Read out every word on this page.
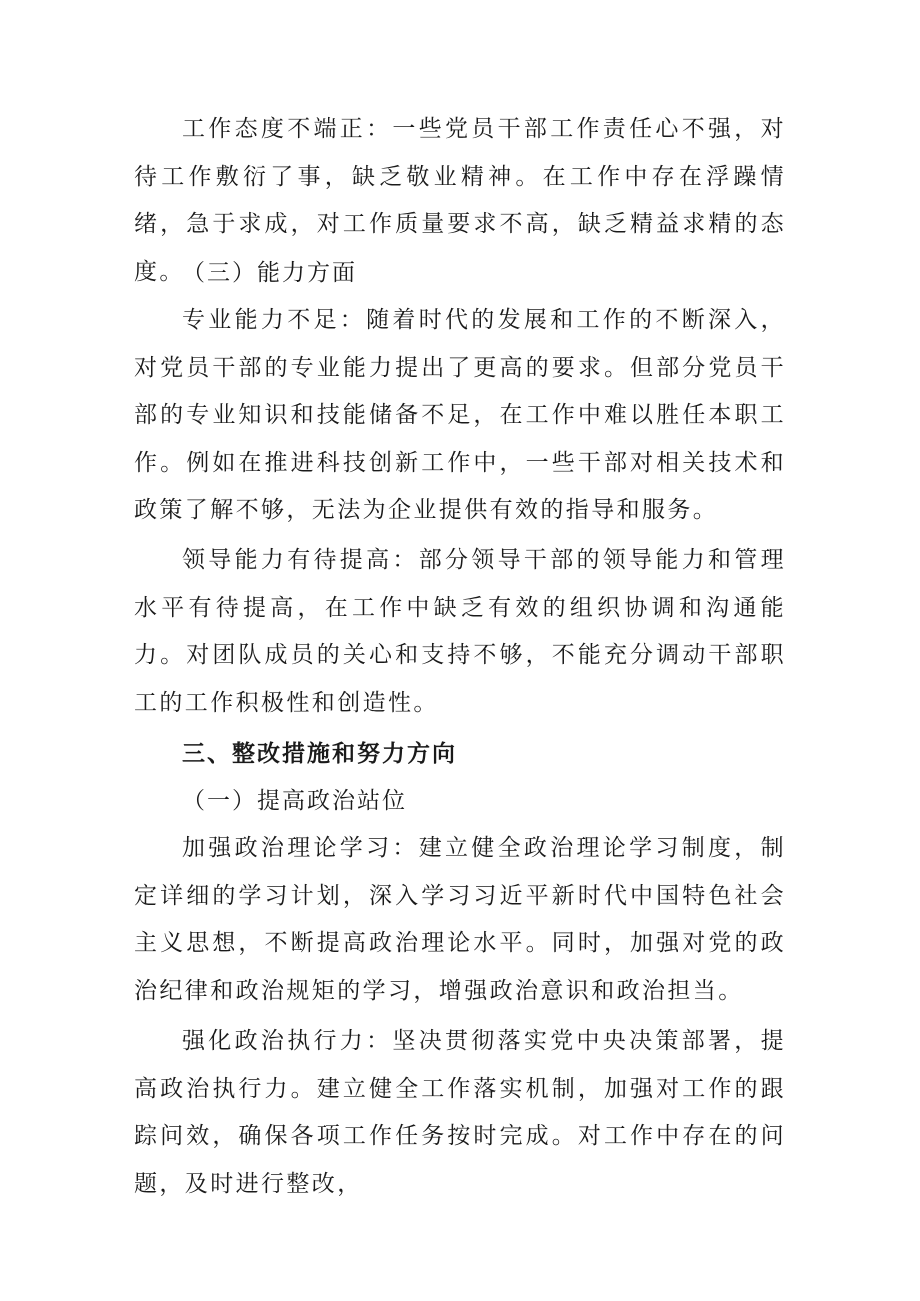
工作态度不端正：一些党员干部工作责任心不强，对待工作敷衍了事，缺乏敬业精神。在工作中存在浮躁情绪，急于求成，对工作质量要求不高，缺乏精益求精的态度。

（三）能力方面

专业能力不足：随着时代的发展和工作的不断深入，对党员干部的专业能力提出了更高的要求。但部分党员干部的专业知识和技能储备不足，在工作中难以胜任本职工作。例如在推进科技创新工作中，一些干部对相关技术和政策了解不够，无法为企业提供有效的指导和服务。

领导能力有待提高：部分领导干部的领导能力和管理水平有待提高，在工作中缺乏有效的组织协调和沟通能力。对团队成员的关心和支持不够，不能充分调动干部职工的工作积极性和创造性。

三、整改措施和努力方向

（一）提高政治站位

加强政治理论学习：建立健全政治理论学习制度，制定详细的学习计划，深入学习习近平新时代中国特色社会主义思想，不断提高政治理论水平。同时，加强对党的政治纪律和政治规矩的学习，增强政治意识和政治担当。

强化政治执行力：坚决贯彻落实党中央决策部署，提高政治执行力。建立健全工作落实机制，加强对工作的跟踪问效，确保各项工作任务按时完成。对工作中存在的问题，及时进行整改，
